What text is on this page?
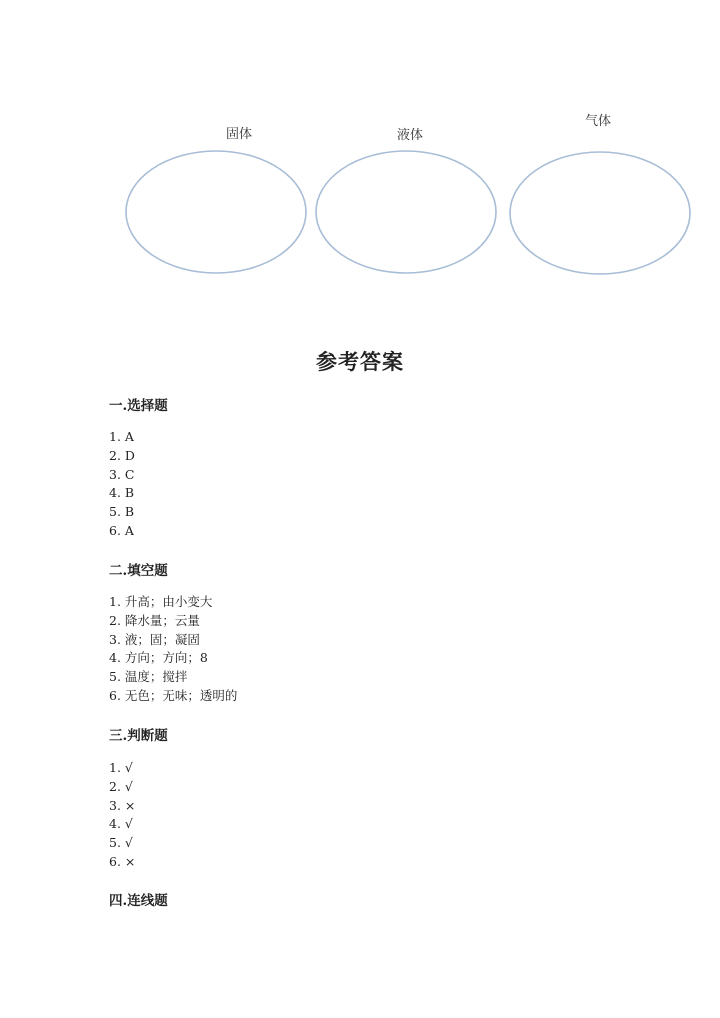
固体	液体
气体
参考答案
一.选择题
1. A
2. D
3. C
4. B
5. B
6. A
二.填空题
1. 升高；由小变大
2. 降水量；云量
3. 液；固；凝固
4. 方向；方向；8
5. 温度；搅拌
6. 无色；无味；透明的
三.判断题
1. √
2. √
3. ×
4. √
5. √
6. ×
四.连线题
